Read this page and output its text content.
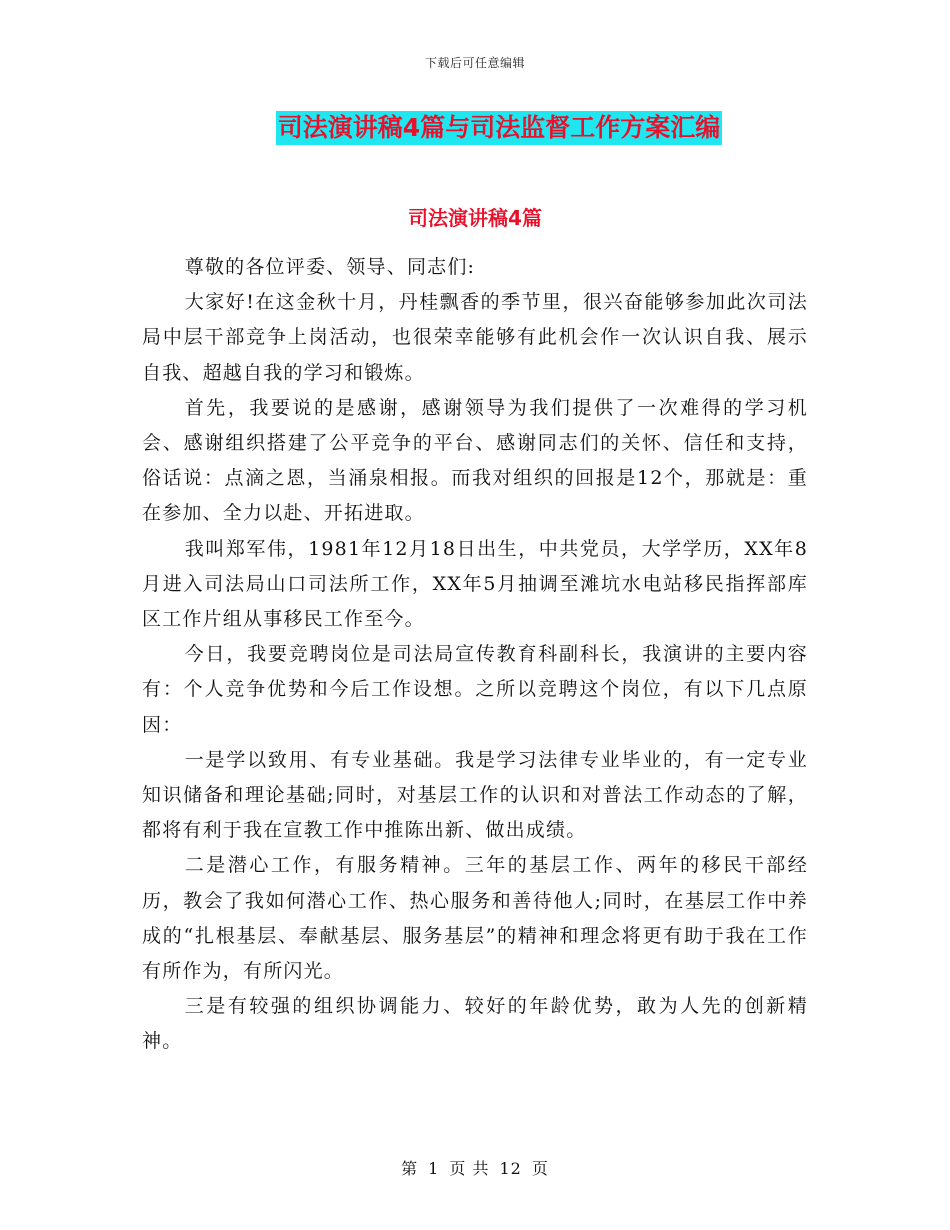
下载后可任意编辑
司法演讲稿4篇与司法监督工作方案汇编
司法演讲稿4篇

尊敬的各位评委、领导、同志们:

大家好!在这金秋十月，丹桂飘香的季节里，很兴奋能够参加此次司法局中层干部竞争上岗活动，也很荣幸能够有此机会作一次认识自我、展示自我、超越自我的学习和锻炼。

首先，我要说的是感谢，感谢领导为我们提供了一次难得的学习机会、感谢组织搭建了公平竞争的平台、感谢同志们的关怀、信任和支持，俗话说：点滴之恩，当涌泉相报。而我对组织的回报是12个，那就是：重在参加、全力以赴、开拓进取。

我叫郑军伟，1981年12月18日出生，中共党员，大学学历，XX年8月进入司法局山口司法所工作，XX年5月抽调至滩坑水电站移民指挥部库区工作片组从事移民工作至今。

今日，我要竞聘岗位是司法局宣传教育科副科长，我演讲的主要内容有：个人竞争优势和今后工作设想。之所以竞聘这个岗位，有以下几点原因：

一是学以致用、有专业基础。我是学习法律专业毕业的，有一定专业知识储备和理论基础;同时，对基层工作的认识和对普法工作动态的了解，都将有利于我在宣教工作中推陈出新、做出成绩。

二是潜心工作，有服务精神。三年的基层工作、两年的移民干部经历，教会了我如何潜心工作、热心服务和善待他人;同时，在基层工作中养成的“扎根基层、奉献基层、服务基层”的精神和理念将更有助于我在工作有所作为，有所闪光。

三是有较强的组织协调能力、较好的年龄优势，敢为人先的创新精神。

第 1 页 共 12 页
